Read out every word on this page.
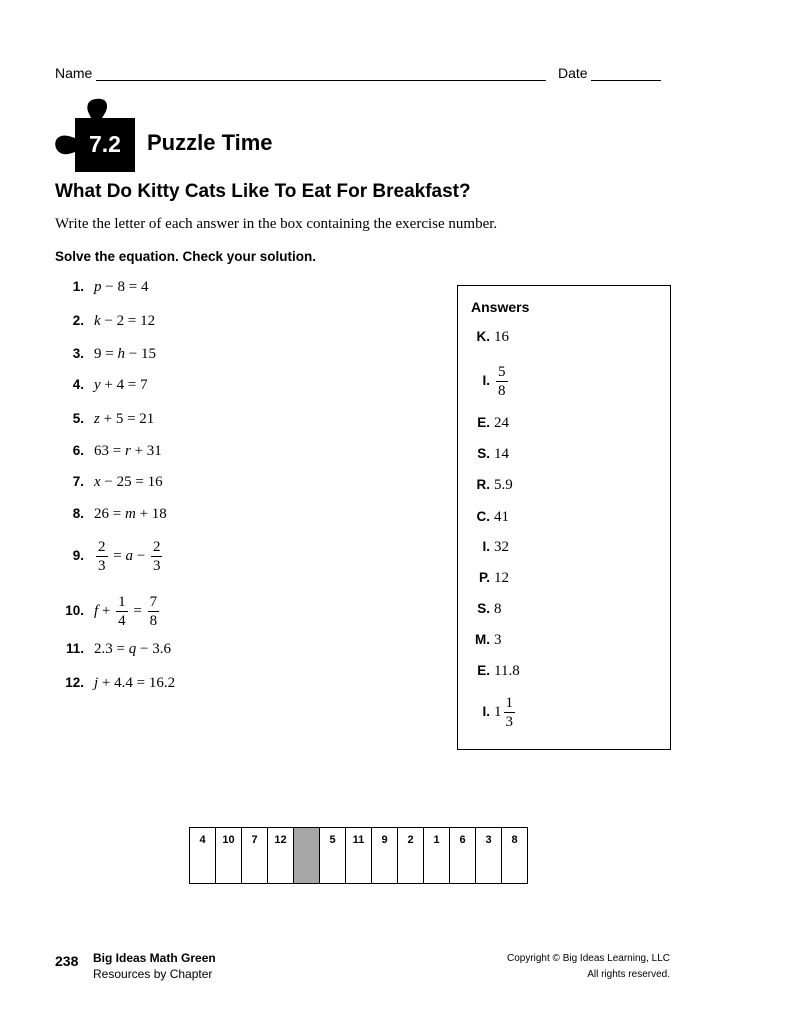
Name	Date
7.2 Puzzle Time
What Do Kitty Cats Like To Eat For Breakfast?
Write the letter of each answer in the box containing the exercise number.
Solve the equation. Check your solution.
1. p − 8 = 4
2. k − 2 = 12
3. 9 = h − 15
4. y + 4 = 7
5. z + 5 = 21
6. 63 = r + 31
7. x − 25 = 16
8. 26 = m + 18
9. $\frac{2}{3} = a - \frac{2}{3}$
10. $f + \frac{1}{4} = \frac{7}{8}$
11. 2.3 = q − 3.6
12. j + 4.4 = 16.2
Answers
K. 16
I. $\frac{5}{8}$
E. 24
S. 14
R. 5.9
C. 41
I. 32
P. 12
S. 8
M. 3
E. 11.8
I. $1 \frac{1}{3}$
4	10	7	12		5	11	9	2	1	6	3	8
238 Big Ideas Math Green
Resources by Chapter
Copyright © Big Ideas Learning, LLC
All rights reserved.
